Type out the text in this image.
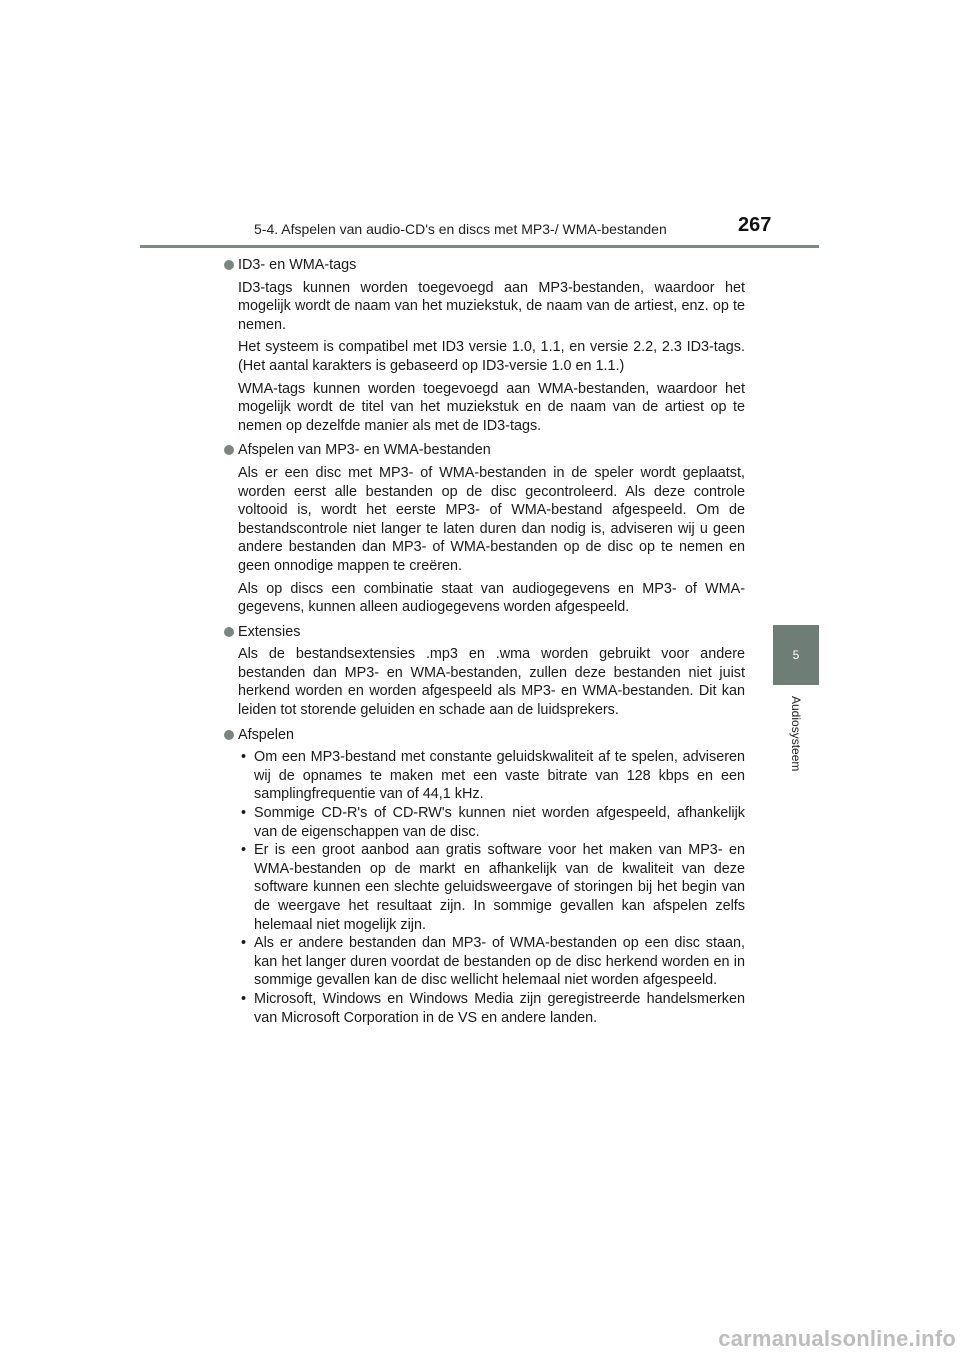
5-4. Afspelen van audio-CD's en discs met MP3-/ WMA-bestanden	267
5
Audiosysteem
ID3- en WMA-tags

ID3-tags kunnen worden toegevoegd aan MP3-bestanden, waardoor het mogelijk wordt de naam van het muziekstuk, de naam van de artiest, enz. op te nemen.

Het systeem is compatibel met ID3 versie 1.0, 1.1, en versie 2.2, 2.3 ID3-tags. (Het aantal karakters is gebaseerd op ID3-versie 1.0 en 1.1.)

WMA-tags kunnen worden toegevoegd aan WMA-bestanden, waardoor het mogelijk wordt de titel van het muziekstuk en de naam van de artiest op te nemen op dezelfde manier als met de ID3-tags.

Afspelen van MP3- en WMA-bestanden

Als er een disc met MP3- of WMA-bestanden in de speler wordt geplaatst, worden eerst alle bestanden op de disc gecontroleerd. Als deze controle voltooid is, wordt het eerste MP3- of WMA-bestand afgespeeld. Om de bestandscontrole niet langer te laten duren dan nodig is, adviseren wij u geen andere bestanden dan MP3- of WMA-bestanden op de disc op te nemen en geen onnodige mappen te creëren.

Als op discs een combinatie staat van audiogegevens en MP3- of WMA-gegevens, kunnen alleen audiogegevens worden afgespeeld.

Extensies

Als de bestandsextensies .mp3 en .wma worden gebruikt voor andere bestanden dan MP3- en WMA-bestanden, zullen deze bestanden niet juist herkend worden en worden afgespeeld als MP3- en WMA-bestanden. Dit kan leiden tot storende geluiden en schade aan de luidsprekers.

Afspelen
• Om een MP3-bestand met constante geluidskwaliteit af te spelen, adviseren wij de opnames te maken met een vaste bitrate van 128 kbps en een samplingfrequentie van of 44,1 kHz.
• Sommige CD-R's of CD-RW's kunnen niet worden afgespeeld, afhankelijk van de eigenschappen van de disc.
• Er is een groot aanbod aan gratis software voor het maken van MP3- en WMA-bestanden op de markt en afhankelijk van de kwaliteit van deze software kunnen een slechte geluidsweergave of storingen bij het begin van de weergave het resultaat zijn. In sommige gevallen kan afspelen zelfs helemaal niet mogelijk zijn.
• Als er andere bestanden dan MP3- of WMA-bestanden op een disc staan, kan het langer duren voordat de bestanden op de disc herkend worden en in sommige gevallen kan de disc wellicht helemaal niet worden afgespeeld.
• Microsoft, Windows en Windows Media zijn geregistreerde handelsmerken van Microsoft Corporation in de VS en andere landen.
carmanualsonline.info
